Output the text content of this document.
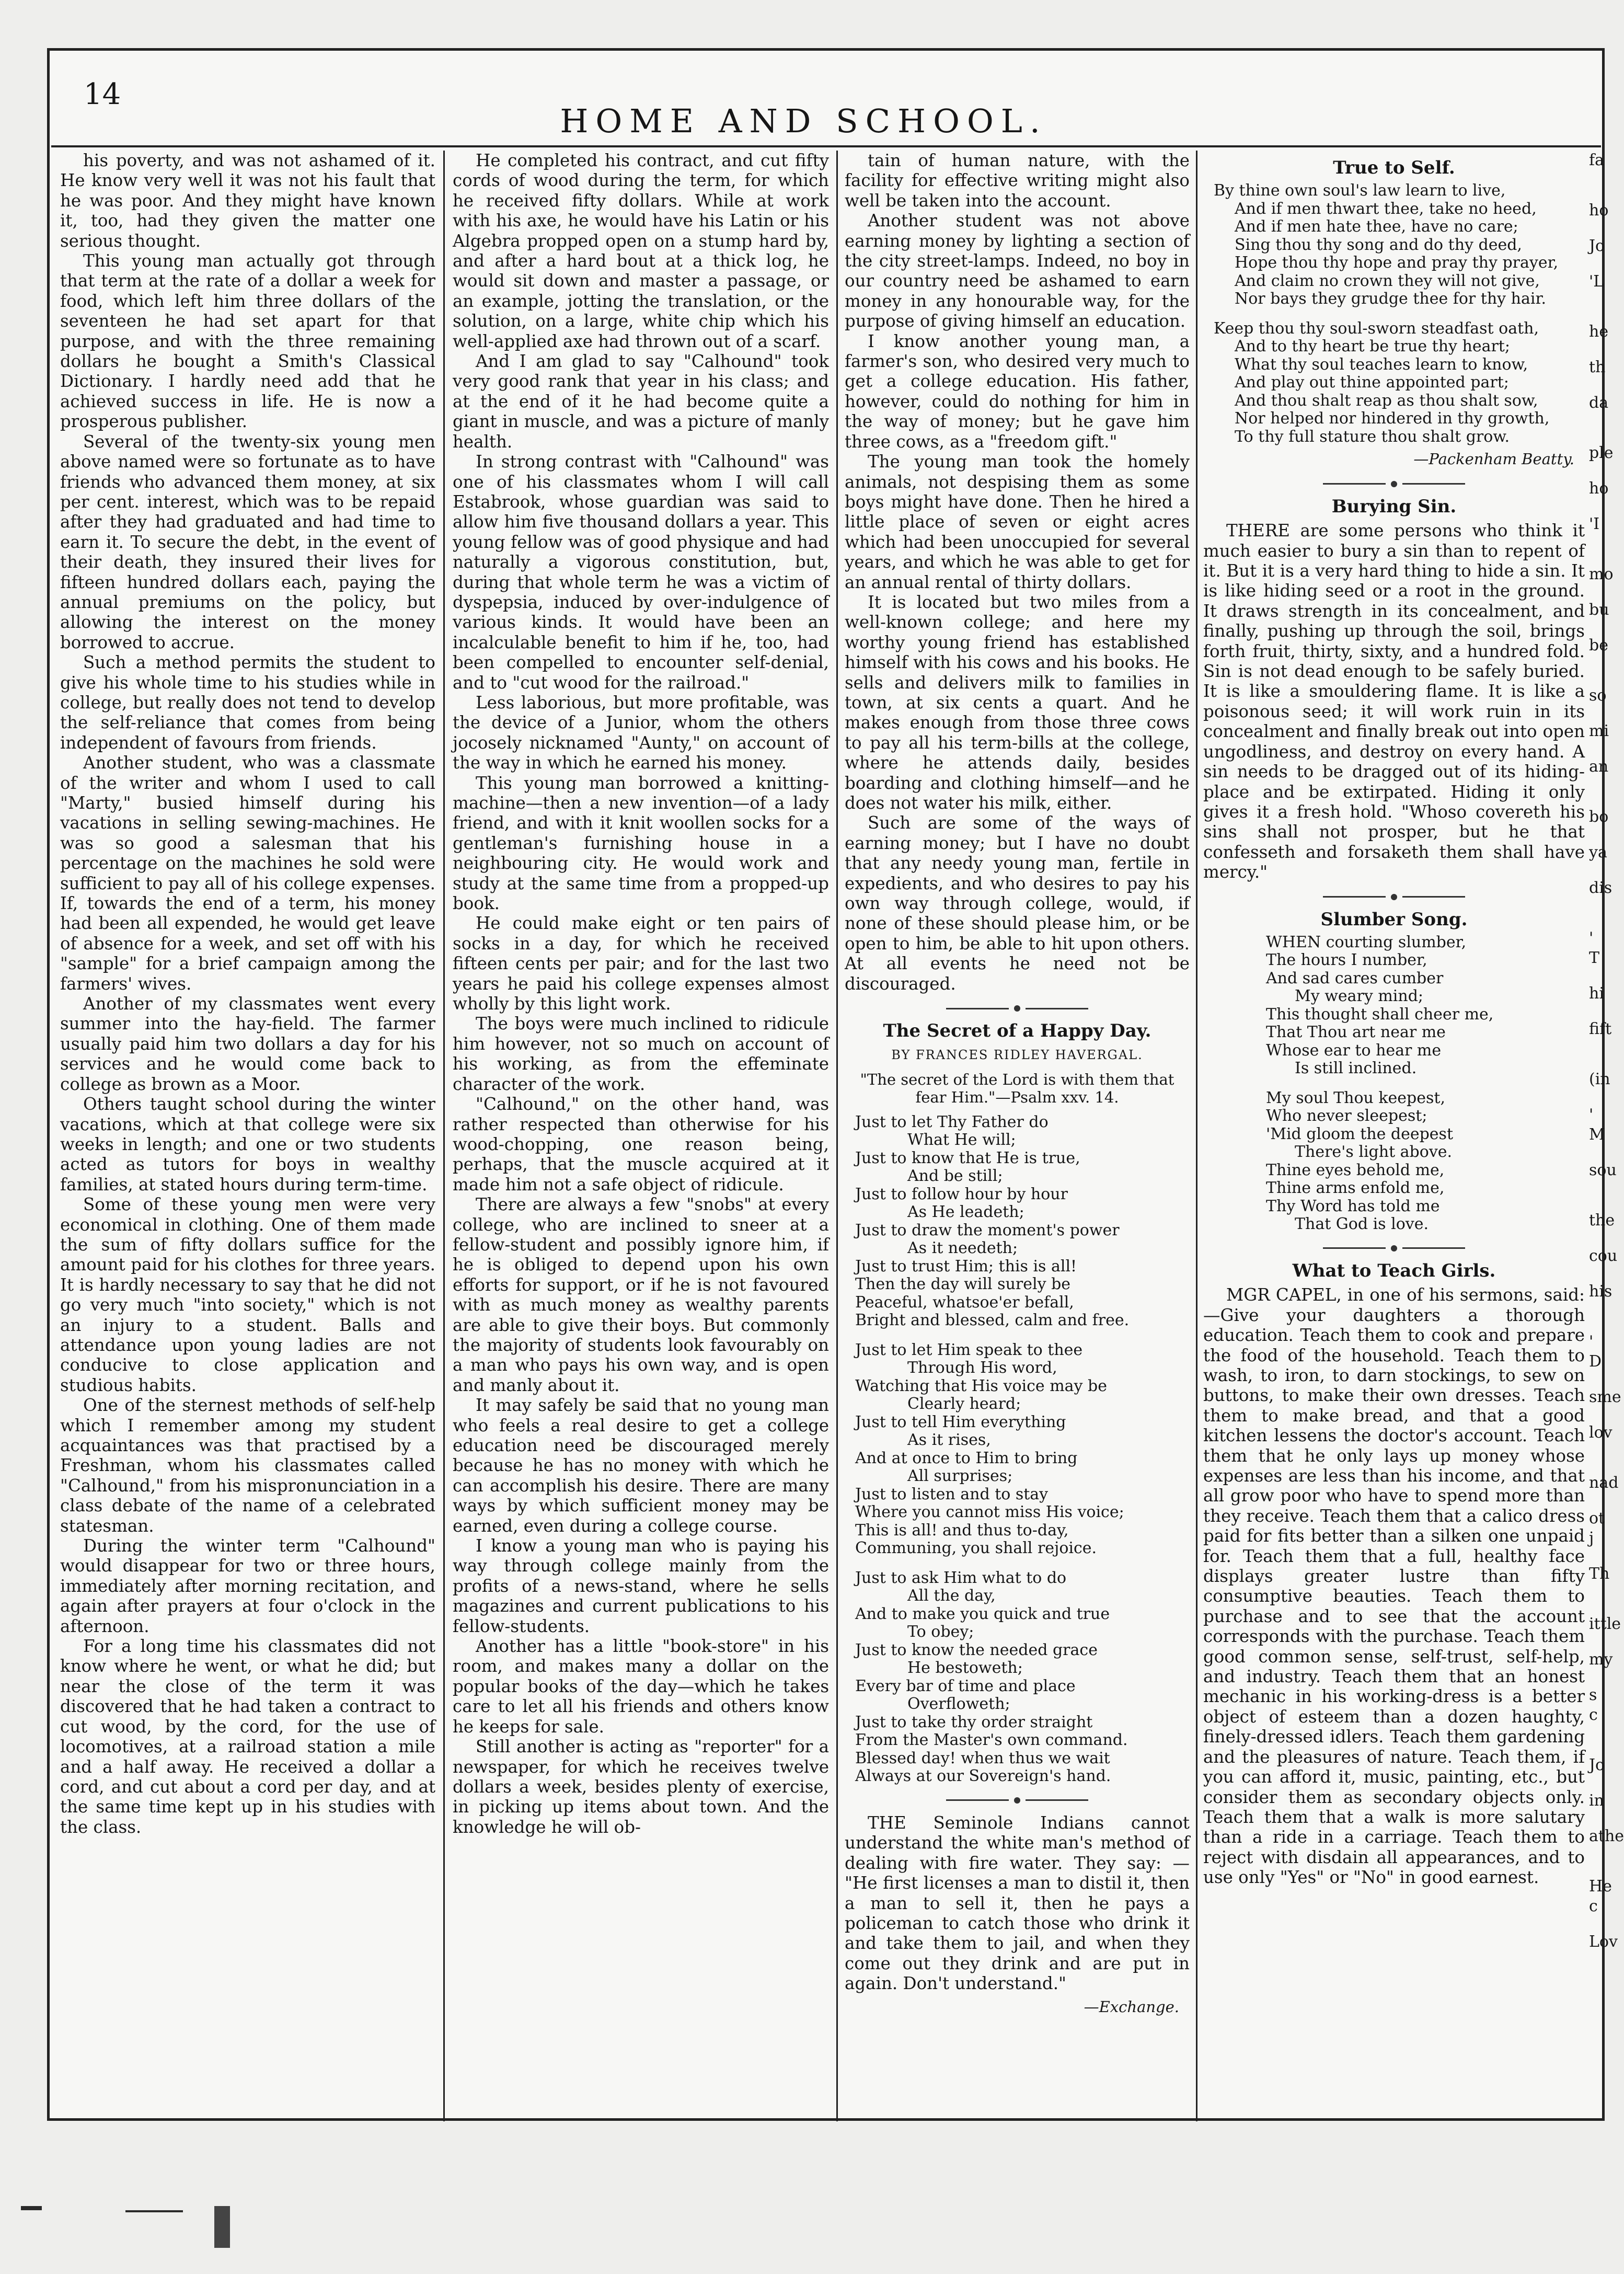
14
HOME AND SCHOOL.

his poverty, and was not ashamed of it. He know very well it was not his fault that he was poor. And they might have known it, too, had they given the matter one serious thought.

This young man actually got through that term at the rate of a dollar a week for food, which left him three dollars of the seventeen he had set apart for that purpose, and with the three remaining dollars he bought a Smith's Classical Dictionary. I hardly need add that he achieved success in life. He is now a prosperous publisher.

Several of the twenty-six young men above named were so fortunate as to have friends who advanced them money, at six per cent. interest, which was to be repaid after they had graduated and had time to earn it. To secure the debt, in the event of their death, they insured their lives for fifteen hundred dollars each, paying the annual premiums on the policy, but allowing the interest on the money borrowed to accrue.

Such a method permits the student to give his whole time to his studies while in college, but really does not tend to develop the self-reliance that comes from being independent of favours from friends.

Another student, who was a classmate of the writer and whom I used to call "Marty," busied himself during his vacations in selling sewing-machines. He was so good a salesman that his percentage on the machines he sold were sufficient to pay all of his college expenses. If, towards the end of a term, his money had been all expended, he would get leave of absence for a week, and set off with his "sample" for a brief campaign among the farmers' wives.

Another of my classmates went every summer into the hay-field. The farmer usually paid him two dollars a day for his services and he would come back to college as brown as a Moor.

Others taught school during the winter vacations, which at that college were six weeks in length; and one or two students acted as tutors for boys in wealthy families, at stated hours during term-time.

Some of these young men were very economical in clothing. One of them made the sum of fifty dollars suffice for the amount paid for his clothes for three years. It is hardly necessary to say that he did not go very much "into society," which is not an injury to a student. Balls and attendance upon young ladies are not conducive to close application and studious habits.

One of the sternest methods of self-help which I remember among my student acquaintances was that practised by a Freshman, whom his classmates called "Calhound," from his mispronunciation in a class debate of the name of a celebrated statesman.

During the winter term "Calhound" would disappear for two or three hours, immediately after morning recitation, and again after prayers at four o'clock in the afternoon.

For a long time his classmates did not know where he went, or what he did; but near the close of the term it was discovered that he had taken a contract to cut wood, by the cord, for the use of locomotives, at a railroad station a mile and a half away. He received a dollar a cord, and cut about a cord per day, and at the same time kept up in his studies with the class.

He completed his contract, and cut fifty cords of wood during the term, for which he received fifty dollars. While at work with his axe, he would have his Latin or his Algebra propped open on a stump hard by, and after a hard bout at a thick log, he would sit down and master a passage, or an example, jotting the translation, or the solution, on a large, white chip which his well-applied axe had thrown out of a scarf.

And I am glad to say "Calhound" took very good rank that year in his class; and at the end of it he had become quite a giant in muscle, and was a picture of manly health.

In strong contrast with "Calhound" was one of his classmates whom I will call Estabrook, whose guardian was said to allow him five thousand dollars a year. This young fellow was of good physique and had naturally a vigorous constitution, but, during that whole term he was a victim of dyspepsia, induced by over-indulgence of various kinds. It would have been an incalculable benefit to him if he, too, had been compelled to encounter self-denial, and to "cut wood for the railroad."

Less laborious, but more profitable, was the device of a Junior, whom the others jocosely nicknamed "Aunty," on account of the way in which he earned his money.

This young man borrowed a knitting-machine—then a new invention—of a lady friend, and with it knit woollen socks for a gentleman's furnishing house in a neighbouring city. He would work and study at the same time from a propped-up book.

He could make eight or ten pairs of socks in a day, for which he received fifteen cents per pair; and for the last two years he paid his college expenses almost wholly by this light work.

The boys were much inclined to ridicule him however, not so much on account of his working, as from the effeminate character of the work.

"Calhound," on the other hand, was rather respected than otherwise for his wood-chopping, one reason being, perhaps, that the muscle acquired at it made him not a safe object of ridicule.

There are always a few "snobs" at every college, who are inclined to sneer at a fellow-student and possibly ignore him, if he is obliged to depend upon his own efforts for support, or if he is not favoured with as much money as wealthy parents are able to give their boys. But commonly the majority of students look favourably on a man who pays his own way, and is open and manly about it.

It may safely be said that no young man who feels a real desire to get a college education need be discouraged merely because he has no money with which he can accomplish his desire. There are many ways by which sufficient money may be earned, even during a college course.

I know a young man who is paying his way through college mainly from the profits of a news-stand, where he sells magazines and current publications to his fellow-students.

Another has a little "book-store" in his room, and makes many a dollar on the popular books of the day—which he takes care to let all his friends and others know he keeps for sale.

Still another is acting as "reporter" for a newspaper, for which he receives twelve dollars a week, besides plenty of exercise, in picking up items about town. And the knowledge he will ob-

tain of human nature, with the facility for effective writing might also well be taken into the account.

Another student was not above earning money by lighting a section of the city street-lamps. Indeed, no boy in our country need be ashamed to earn money in any honourable way, for the purpose of giving himself an education.

I know another young man, a farmer's son, who desired very much to get a college education. His father, however, could do nothing for him in the way of money; but he gave him three cows, as a "freedom gift."

The young man took the homely animals, not despising them as some boys might have done. Then he hired a little place of seven or eight acres which had been unoccupied for several years, and which he was able to get for an annual rental of thirty dollars.

It is located but two miles from a well-known college; and here my worthy young friend has established himself with his cows and his books. He sells and delivers milk to families in town, at six cents a quart. And he makes enough from those three cows to pay all his term-bills at the college, where he attends daily, besides boarding and clothing himself—and he does not water his milk, either.

Such are some of the ways of earning money; but I have no doubt that any needy young man, fertile in expedients, and who desires to pay his own way through college, would, if none of these should please him, or be open to him, be able to hit upon others. At all events he need not be discouraged.

The Secret of a Happy Day.
BY FRANCES RIDLEY HAVERGAL.
"The secret of the Lord is with them that fear Him."—Psalm xxv. 14.
Just to let Thy Father do
What He will;
Just to know that He is true,
And be still;
Just to follow hour by hour
As He leadeth;
Just to draw the moment's power
As it needeth;
Just to trust Him; this is all!
Then the day will surely be
Peaceful, whatsoe'er befall,
Bright and blessed, calm and free.
Just to let Him speak to thee
Through His word,
Watching that His voice may be
Clearly heard;
Just to tell Him everything
As it rises,
And at once to Him to bring
All surprises;
Just to listen and to stay
Where you cannot miss His voice;
This is all! and thus to-day,
Communing, you shall rejoice.
Just to ask Him what to do
All the day,
And to make you quick and true
To obey;
Just to know the needed grace
He bestoweth;
Every bar of time and place
Overfloweth;
Just to take thy order straight
From the Master's own command.
Blessed day! when thus we wait
Always at our Sovereign's hand.

THE Seminole Indians cannot understand the white man's method of dealing with fire water. They say: — "He first licenses a man to distil it, then a man to sell it, then he pays a policeman to catch those who drink it and take them to jail, and when they come out they drink and are put in again. Don't understand."

—Exchange.
True to Self.
By thine own soul's law learn to live,
And if men thwart thee, take no heed,
And if men hate thee, have no care;
Sing thou thy song and do thy deed,
Hope thou thy hope and pray thy prayer,
And claim no crown they will not give,
Nor bays they grudge thee for thy hair.
Keep thou thy soul-sworn steadfast oath,
And to thy heart be true thy heart;
What thy soul teaches learn to know,
And play out thine appointed part;
And thou shalt reap as thou shalt sow,
Nor helped nor hindered in thy growth,
To thy full stature thou shalt grow.
—Packenham Beatty.
Burying Sin.

THERE are some persons who think it much easier to bury a sin than to repent of it. But it is a very hard thing to hide a sin. It is like hiding seed or a root in the ground. It draws strength in its concealment, and finally, pushing up through the soil, brings forth fruit, thirty, sixty, and a hundred fold. Sin is not dead enough to be safely buried. It is like a smouldering flame. It is like a poisonous seed; it will work ruin in its concealment and finally break out into open ungodliness, and destroy on every hand. A sin needs to be dragged out of its hiding-place and be extirpated. Hiding it only gives it a fresh hold. "Whoso covereth his sins shall not prosper, but he that confesseth and forsaketh them shall have mercy."

Slumber Song.
WHEN courting slumber,
The hours I number,
And sad cares cumber
My weary mind;
This thought shall cheer me,
That Thou art near me
Whose ear to hear me
Is still inclined.
My soul Thou keepest,
Who never sleepest;
'Mid gloom the deepest
There's light above.
Thine eyes behold me,
Thine arms enfold me,
Thy Word has told me
That God is love.
What to Teach Girls.

MGR CAPEL, in one of his sermons, said:—Give your daughters a thorough education. Teach them to cook and prepare the food of the household. Teach them to wash, to iron, to darn stockings, to sew on buttons, to make their own dresses. Teach them to make bread, and that a good kitchen lessens the doctor's account. Teach them that he only lays up money whose expenses are less than his income, and that all grow poor who have to spend more than they receive. Teach them that a calico dress paid for fits better than a silken one unpaid for. Teach them that a full, healthy face displays greater lustre than fifty consumptive beauties. Teach them to purchase and to see that the account corresponds with the purchase. Teach them good common sense, self-trust, self-help, and industry. Teach them that an honest mechanic in his working-dress is a better object of esteem than a dozen haughty, finely-dressed idlers. Teach them gardening and the pleasures of nature. Teach them, if you can afford it, music, painting, etc., but consider them as secondary objects only. Teach them that a walk is more salutary than a ride in a carriage. Teach them to reject with disdain all appearances, and to use only "Yes" or "No" in good earnest.

fa
ho
Jo
'L
he
th
da
ple
ho
'I
mo
bu
be
so
mi
an
bo
ya
dis
' T
hi
fift
(in
' M
sou
the
cou
his
' D
sme
lov
nad
ot j
Th
ittle
my
s c
Jo
in
athe
He c
Lov
